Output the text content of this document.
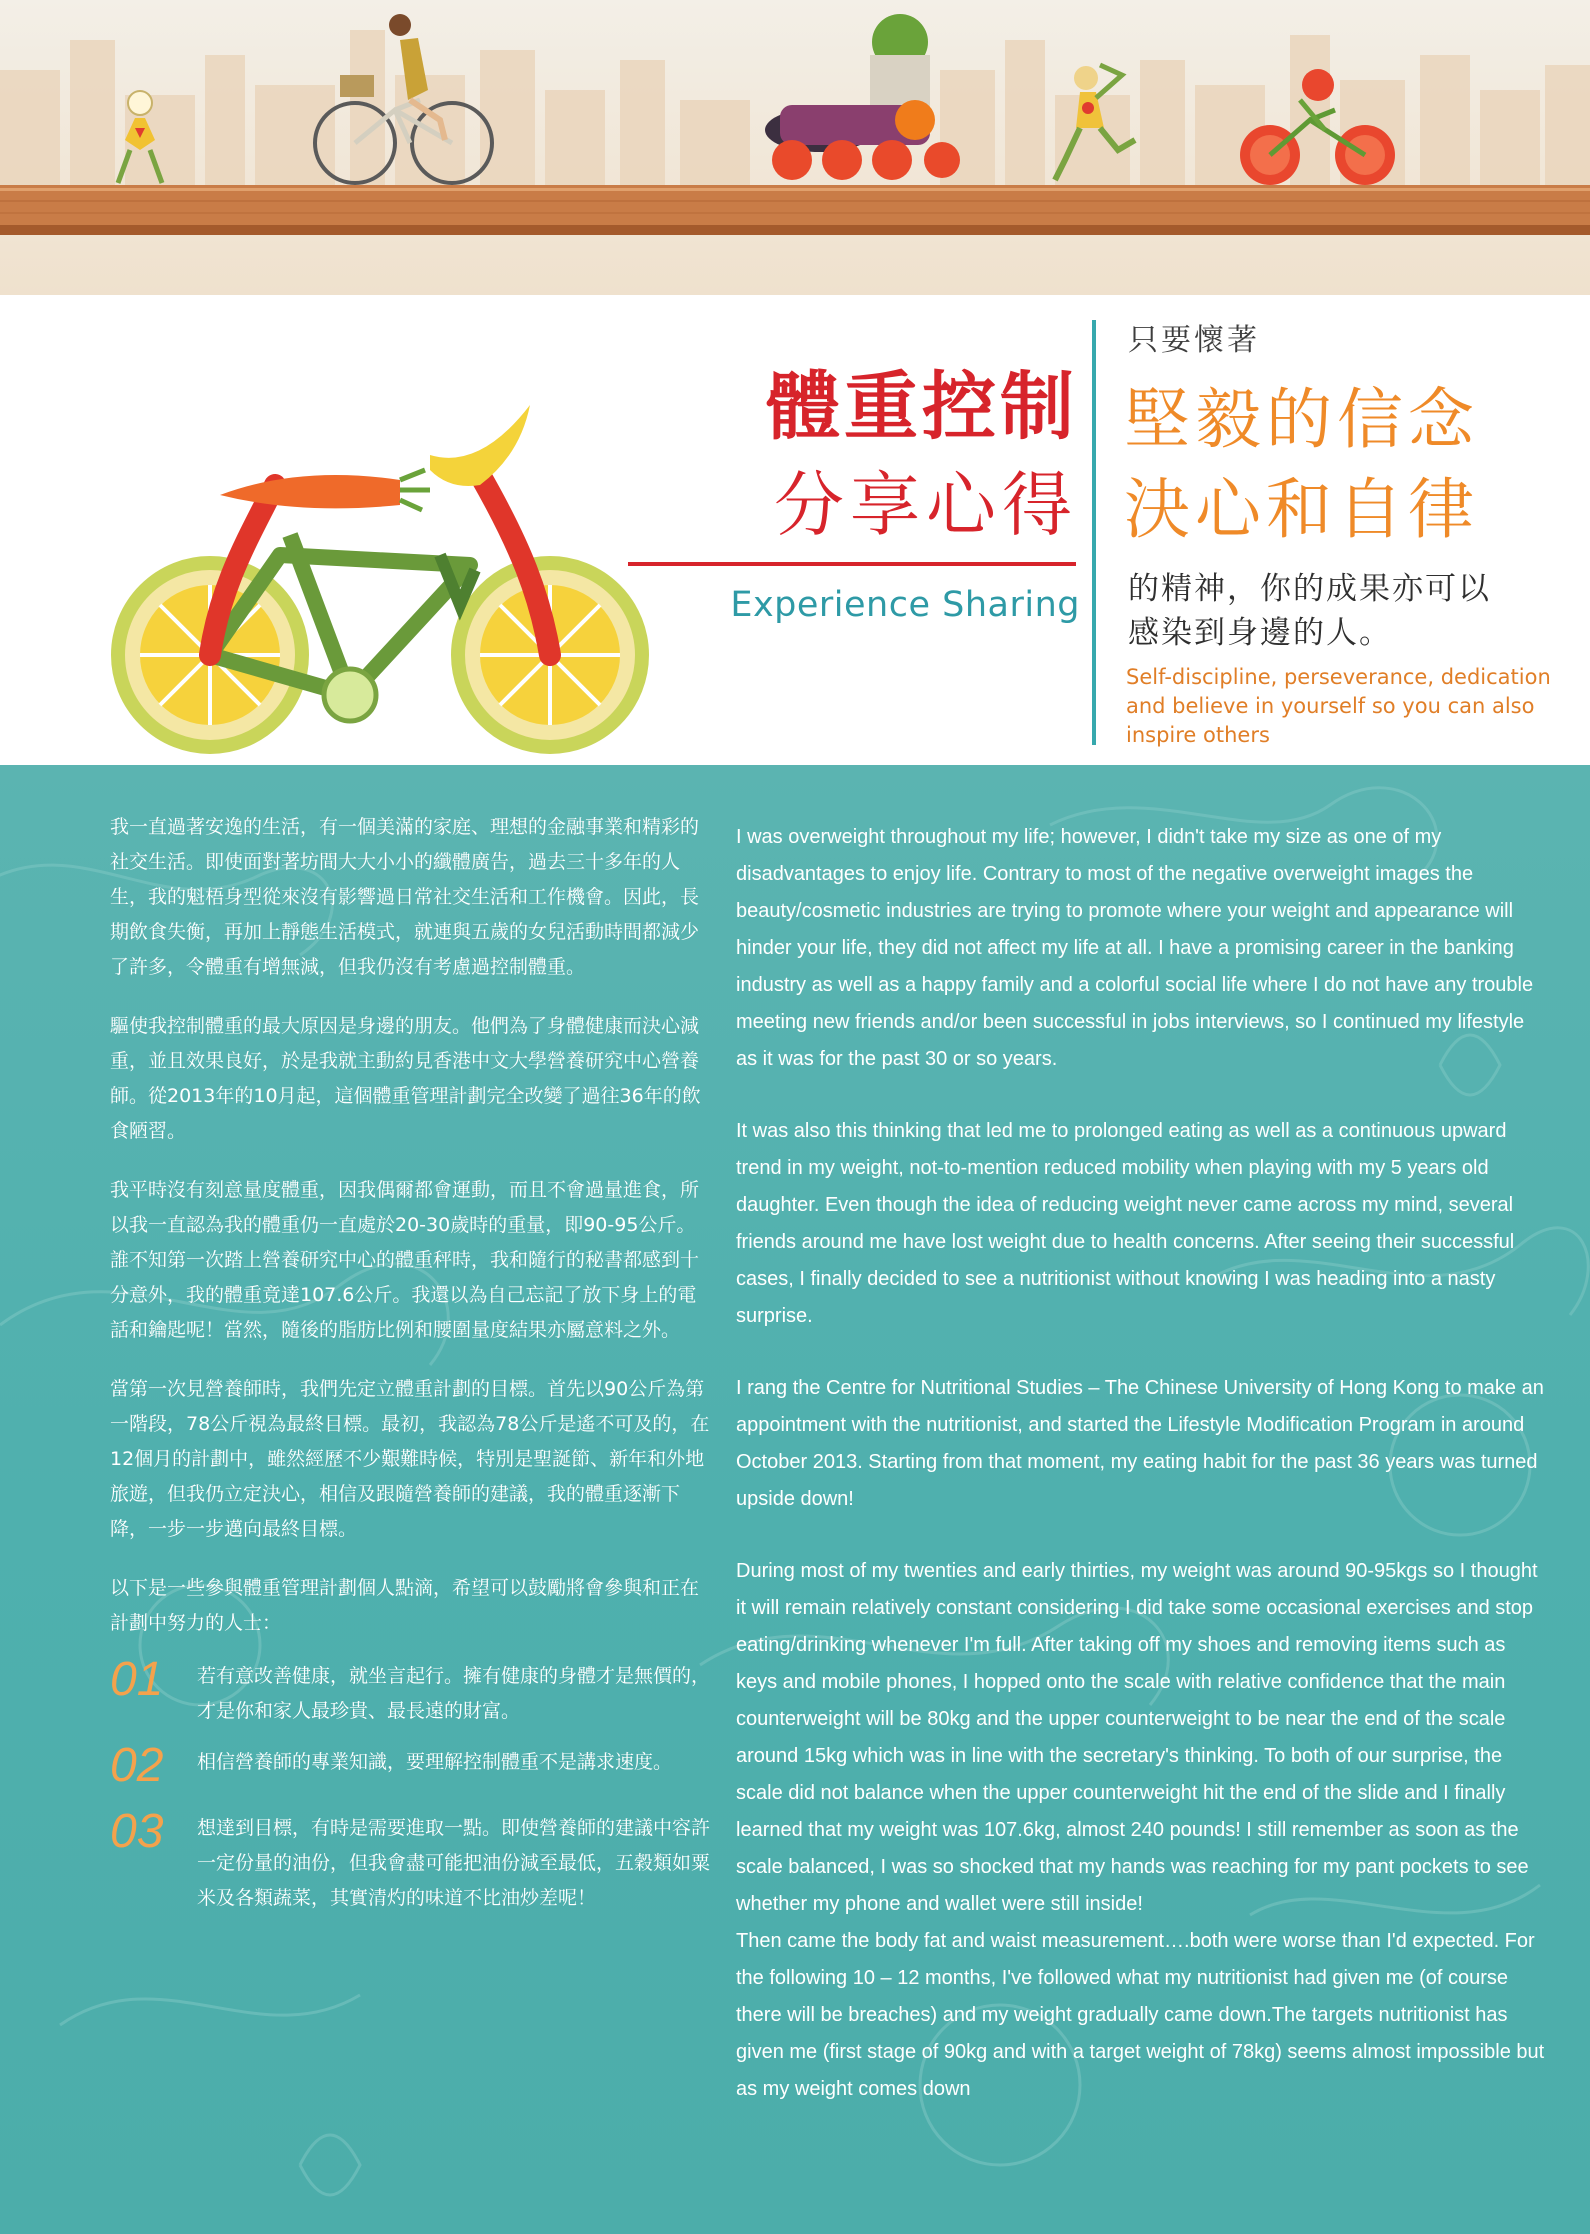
體重控制
分享心得
Experience Sharing
只要懷著
堅毅的信念
決心和自律
的精神，你的成果亦可以
感染到身邊的人。
Self-discipline, perseverance, dedication and believe in yourself so you can also inspire others

我一直過著安逸的生活，有一個美滿的家庭、理想的金融事業和精彩的社交生活。即使面對著坊間大大小小的纖體廣告，過去三十多年的人生，我的魁梧身型從來沒有影響過日常社交生活和工作機會。因此，長期飲食失衡，再加上靜態生活模式，就連與五歲的女兒活動時間都減少了許多，令體重有增無減，但我仍沒有考慮過控制體重。

驅使我控制體重的最大原因是身邊的朋友。他們為了身體健康而決心減重，並且效果良好，於是我就主動約見香港中文大學營養研究中心營養師。從2013年的10月起，這個體重管理計劃完全改變了過往36年的飲食陋習。

我平時沒有刻意量度體重，因我偶爾都會運動，而且不會過量進食，所以我一直認為我的體重仍一直處於20-30歲時的重量，即90-95公斤。誰不知第一次踏上營養研究中心的體重秤時，我和隨行的秘書都感到十分意外，我的體重竟達107.6公斤。我還以為自己忘記了放下身上的電話和鑰匙呢！當然，隨後的脂肪比例和腰圍量度結果亦屬意料之外。

當第一次見營養師時，我們先定立體重計劃的目標。首先以90公斤為第一階段，78公斤視為最終目標。最初，我認為78公斤是遙不可及的，在12個月的計劃中，雖然經歷不少艱難時候，特別是聖誕節、新年和外地旅遊，但我仍立定決心，相信及跟隨營養師的建議，我的體重逐漸下降，一步一步邁向最終目標。

以下是一些參與體重管理計劃個人點滴，希望可以鼓勵將會參與和正在計劃中努力的人士：

01 若有意改善健康，就坐言起行。擁有健康的身體才是無價的，才是你和家人最珍貴、最長遠的財富。
02 相信營養師的專業知識，要理解控制體重不是講求速度。
03 想達到目標，有時是需要進取一點。即使營養師的建議中容許一定份量的油份，但我會盡可能把油份減至最低，五穀類如粟米及各類蔬菜，其實清灼的味道不比油炒差呢！

I was overweight throughout my life; however, I didn't take my size as one of my disadvantages to enjoy life. Contrary to most of the negative overweight images the beauty/cosmetic industries are trying to promote where your weight and appearance will hinder your life, they did not affect my life at all. I have a promising career in the banking industry as well as a happy family and a colorful social life where I do not have any trouble meeting new friends and/or been successful in jobs interviews, so I continued my lifestyle as it was for the past 30 or so years.

It was also this thinking that led me to prolonged eating as well as a continuous upward trend in my weight, not-to-mention reduced mobility when playing with my 5 years old daughter. Even though the idea of reducing weight never came across my mind, several friends around me have lost weight due to health concerns. After seeing their successful cases, I finally decided to see a nutritionist without knowing I was heading into a nasty surprise.

I rang the Centre for Nutritional Studies – The Chinese University of Hong Kong to make an appointment with the nutritionist, and started the Lifestyle Modification Program in around October 2013. Starting from that moment, my eating habit for the past 36 years was turned upside down!

During most of my twenties and early thirties, my weight was around 90-95kgs so I thought it will remain relatively constant considering I did take some occasional exercises and stop eating/drinking whenever I'm full. After taking off my shoes and removing items such as keys and mobile phones, I hopped onto the scale with relative confidence that the main counterweight will be 80kg and the upper counterweight to be near the end of the scale around 15kg which was in line with the secretary's thinking. To both of our surprise, the scale did not balance when the upper counterweight hit the end of the slide and I finally learned that my weight was 107.6kg, almost 240 pounds! I still remember as soon as the scale balanced, I was so shocked that my hands was reaching for my pant pockets to see whether my phone and wallet were still inside!

Then came the body fat and waist measurement….both were worse than I'd expected. For the following 10 – 12 months, I've followed what my nutritionist had given me (of course there will be breaches) and my weight gradually came down.The targets nutritionist has given me (first stage of 90kg and with a target weight of 78kg) seems almost impossible but as my weight comes down
